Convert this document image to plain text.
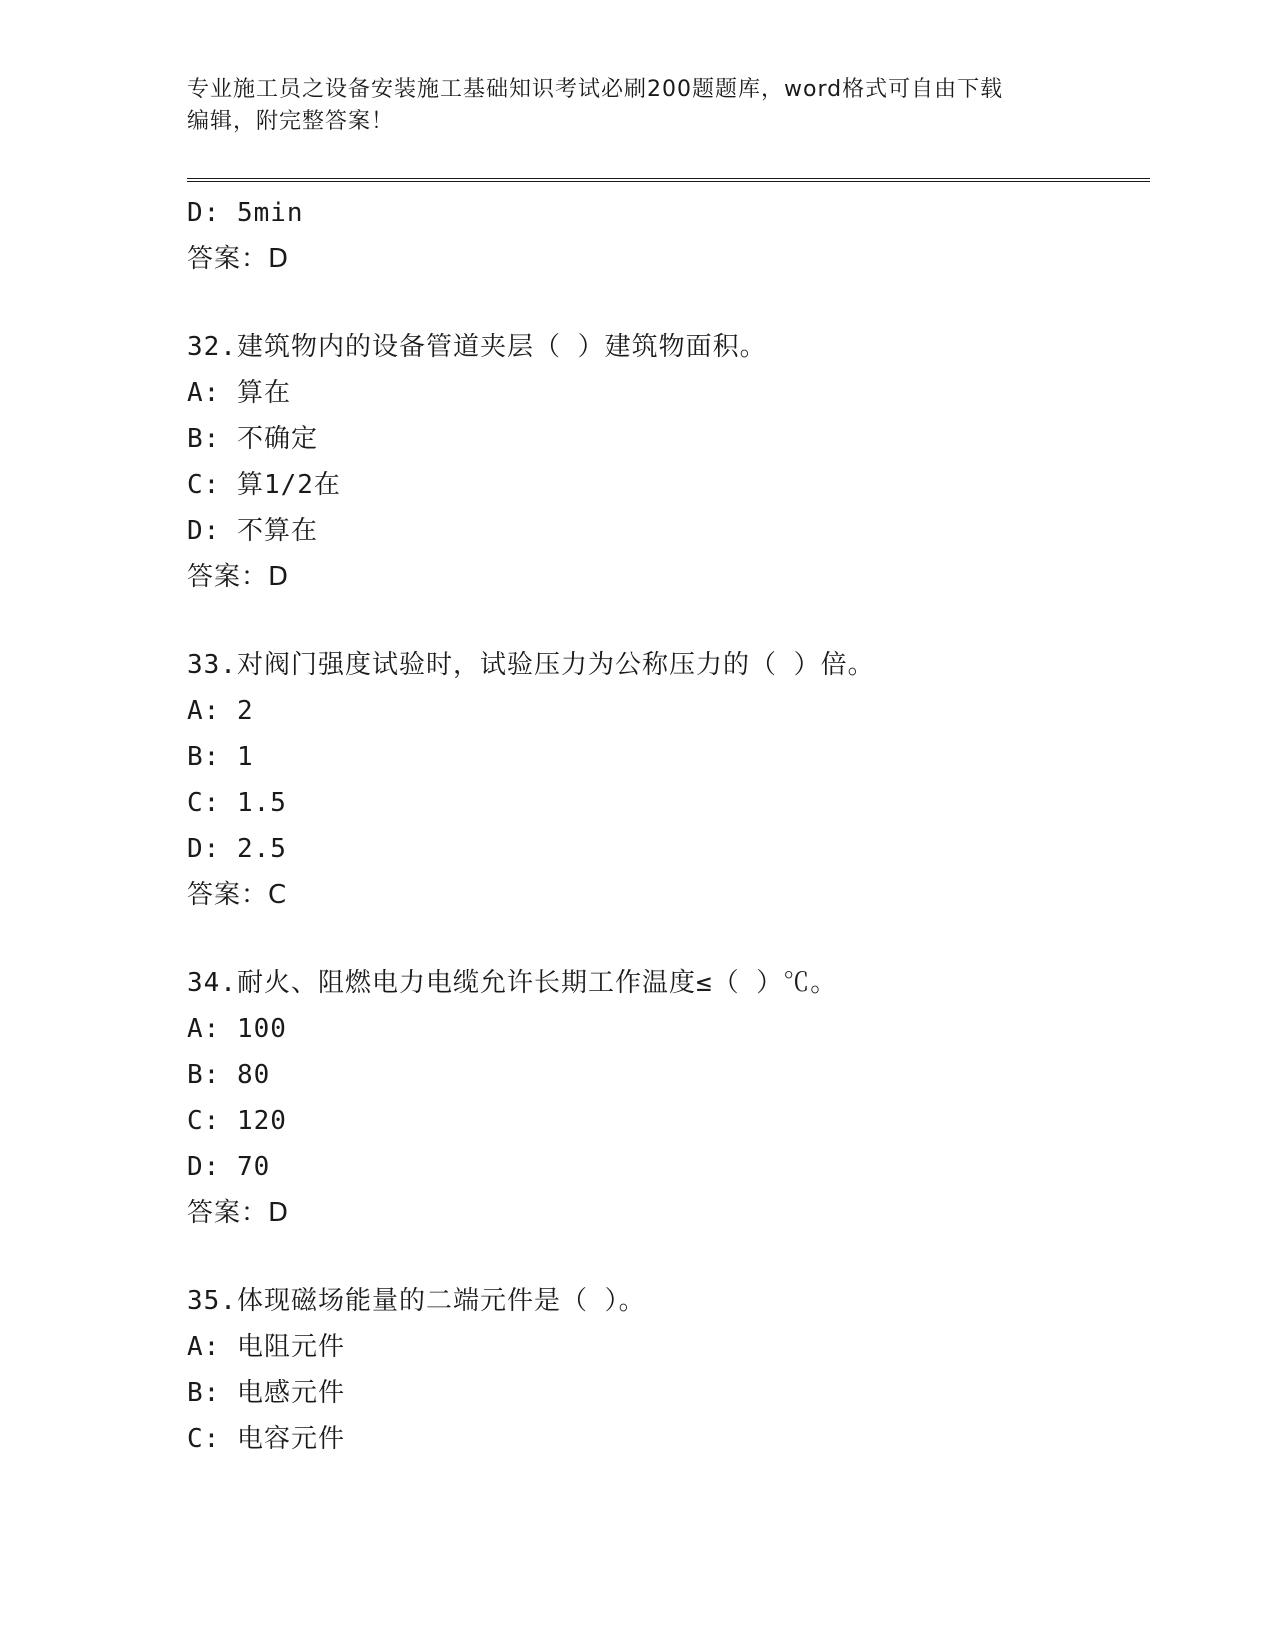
专业施工员之设备安装施工基础知识考试必刷200题题库，word格式可自由下载
编辑，附完整答案！
D: 5min
答案：D
32.建筑物内的设备管道夹层（ ）建筑物面积。
A: 算在
B: 不确定
C: 算1/2在
D: 不算在
答案：D
33.对阀门强度试验时，试验压力为公称压力的（ ）倍。
A: 2
B: 1
C: 1.5
D: 2.5
答案：C
34.耐火、阻燃电力电缆允许长期工作温度≤（ ）℃。
A: 100
B: 80
C: 120
D: 70
答案：D
35.体现磁场能量的二端元件是（ ）。
A: 电阻元件
B: 电感元件
C: 电容元件
